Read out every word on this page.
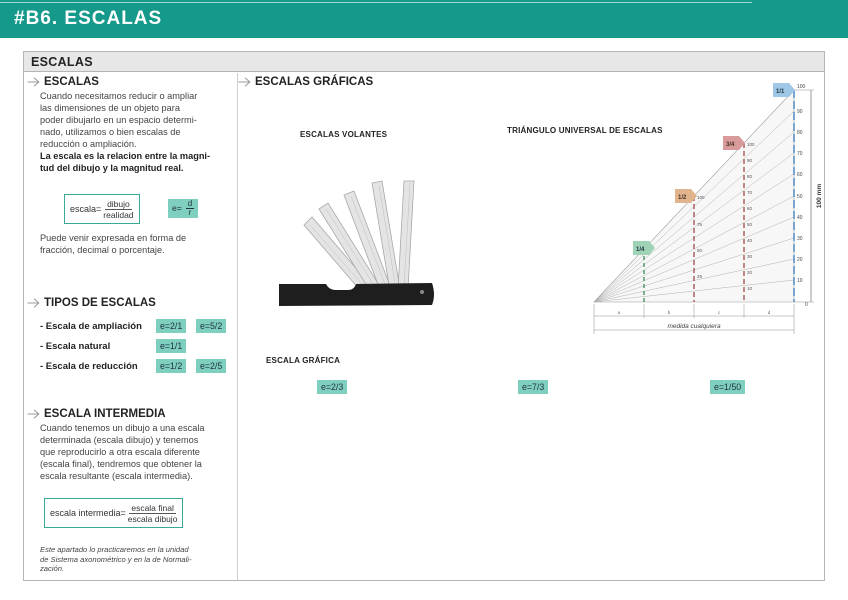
#B6. ESCALAS
ESCALAS
ESCALAS
Cuando necesitamos reducir o ampliar
las dimensiones de un objeto para
poder dibujarlo en un espacio determi-
nado, utilizamos o bien escalas de
reducción o ampliación.
La escala es la relacion entre la magni-
tud del dibujo y la magnitud real.
escala= $\frac{\text{dibujo}}{\text{realidad}}$	$e= \frac{d}{r}$
Puede venir expresada en forma de
fracción, decimal o porcentaje.
TIPOS DE ESCALAS
- Escala de ampliación	e=2/1	e=5/2
- Escala natural	e=1/1
- Escala de reducción	e=1/2	e=2/5
ESCALA INTERMEDIA
Cuando tenemos un dibujo a una escala
determinada (escala dibujo) y tenemos
que reproducirlo a otra escala diferente
(escala final), tendremos que obtener la
escala resultante (escala intermedia).
escala intermedia= $\frac{\text{escala final}}{\text{escala dibujo}}$
Este apartado lo practicaremos en la unidad
de Sistema axonométrico y en la de Normali-
zación.
ESCALAS GRÁFICAS
ESCALAS VOLANTES	TRIÁNGULO UNIVERSAL DE ESCALAS
100
90
80
70
60
50
40
30
20
10
0
100 mm
100
90
80
70
60
50
40
30
20
10
100
75
50
25
1/1
3/4
1/2
1/4
a	b	c	d
medida cualquiera
ESCALA GRÁFICA
e=2/3	e=7/3	e=1/50
